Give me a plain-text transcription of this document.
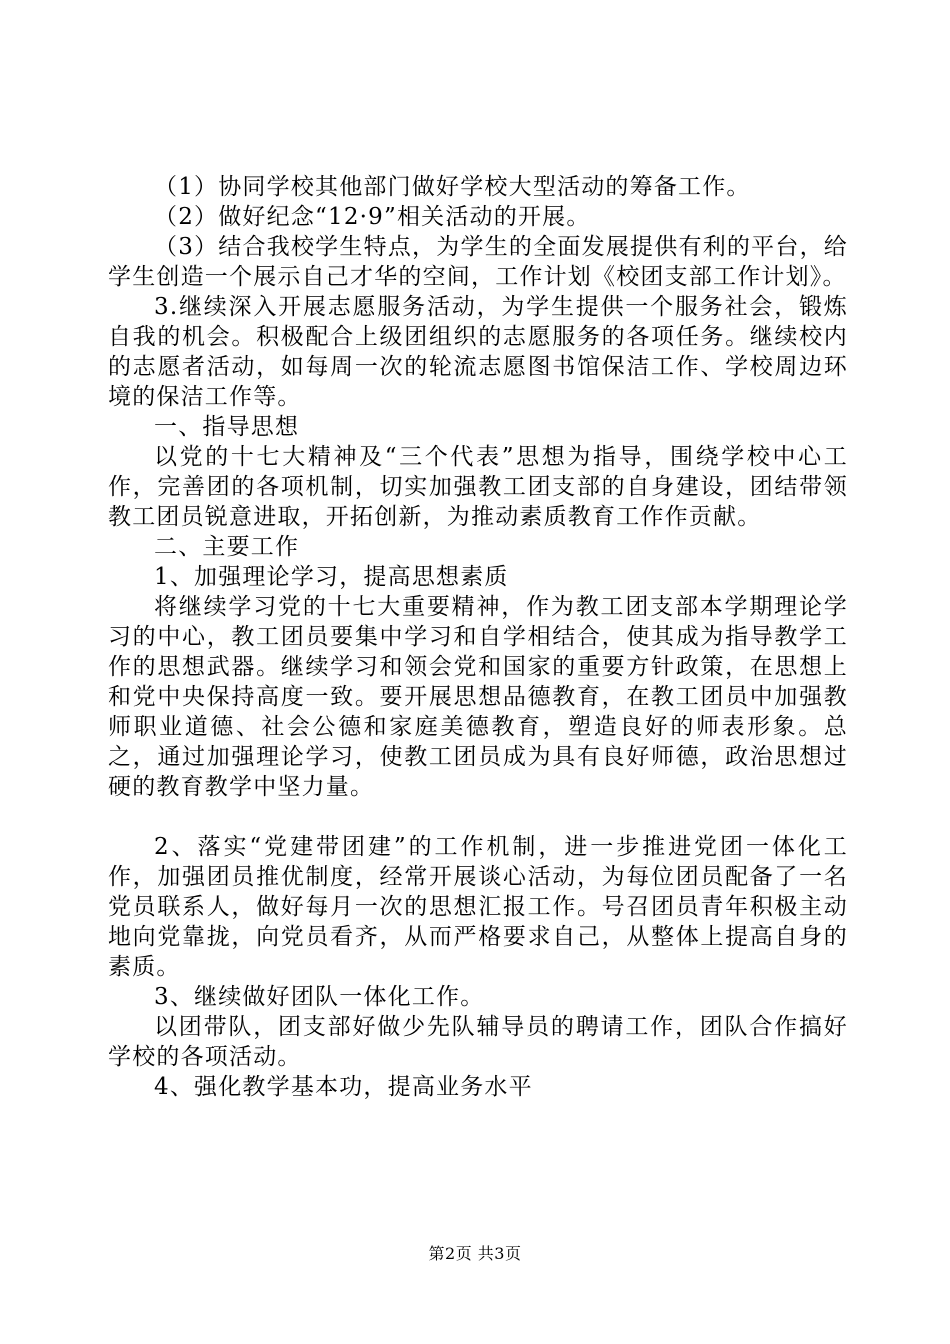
（1）协同学校其他部门做好学校大型活动的筹备工作。

（2）做好纪念“12·9”相关活动的开展。

（3）结合我校学生特点，为学生的全面发展提供有利的平台，给学生创造一个展示自己才华的空间，工作计划《校团支部工作计划》。

3.继续深入开展志愿服务活动，为学生提供一个服务社会，锻炼自我的机会。积极配合上级团组织的志愿服务的各项任务。继续校内的志愿者活动，如每周一次的轮流志愿图书馆保洁工作、学校周边环境的保洁工作等。

一、指导思想

以党的十七大精神及“三个代表”思想为指导，围绕学校中心工作，完善团的各项机制，切实加强教工团支部的自身建设，团结带领教工团员锐意进取，开拓创新，为推动素质教育工作作贡献。

二、主要工作

1、加强理论学习，提高思想素质

将继续学习党的十七大重要精神，作为教工团支部本学期理论学习的中心，教工团员要集中学习和自学相结合，使其成为指导教学工作的思想武器。继续学习和领会党和国家的重要方针政策，在思想上和党中央保持高度一致。要开展思想品德教育，在教工团员中加强教师职业道德、社会公德和家庭美德教育，塑造良好的师表形象。总之，通过加强理论学习，使教工团员成为具有良好师德，政治思想过硬的教育教学中坚力量。

2、落实“党建带团建”的工作机制，进一步推进党团一体化工作，加强团员推优制度，经常开展谈心活动，为每位团员配备了一名党员联系人，做好每月一次的思想汇报工作。号召团员青年积极主动地向党靠拢，向党员看齐，从而严格要求自己，从整体上提高自身的素质。

3、继续做好团队一体化工作。

以团带队，团支部好做少先队辅导员的聘请工作，团队合作搞好学校的各项活动。

4、强化教学基本功，提高业务水平

第2页 共3页
